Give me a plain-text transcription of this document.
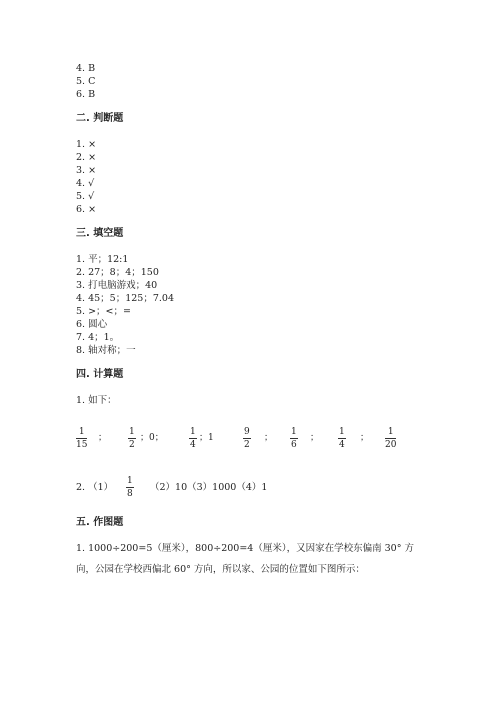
4. B
5. C
6. B
二. 判断题
1. ×
2. ×
3. ×
4. √
5. √
6. ×
三. 填空题
1. 平；12:1
2. 27；8；4；150
3. 打电脑游戏；40
4. 45；5；125；7.04
5. >；<；=
6. 圆心
7. 4；1。
8. 轴对称；一
四. 计算题
1. 如下：
1
15
；
1
2
；0；
1
4
；1
9
2
；
1
6
；
1
4
；
1
20
2. （1）
1
8
（2）10（3）1000（4）1
五. 作图题
1. 1000÷200=5（厘米），800÷200=4（厘米），又因家在学校东偏南 30° 方向，公园在学校西偏北 60° 方向，所以家、公园的位置如下图所示：
